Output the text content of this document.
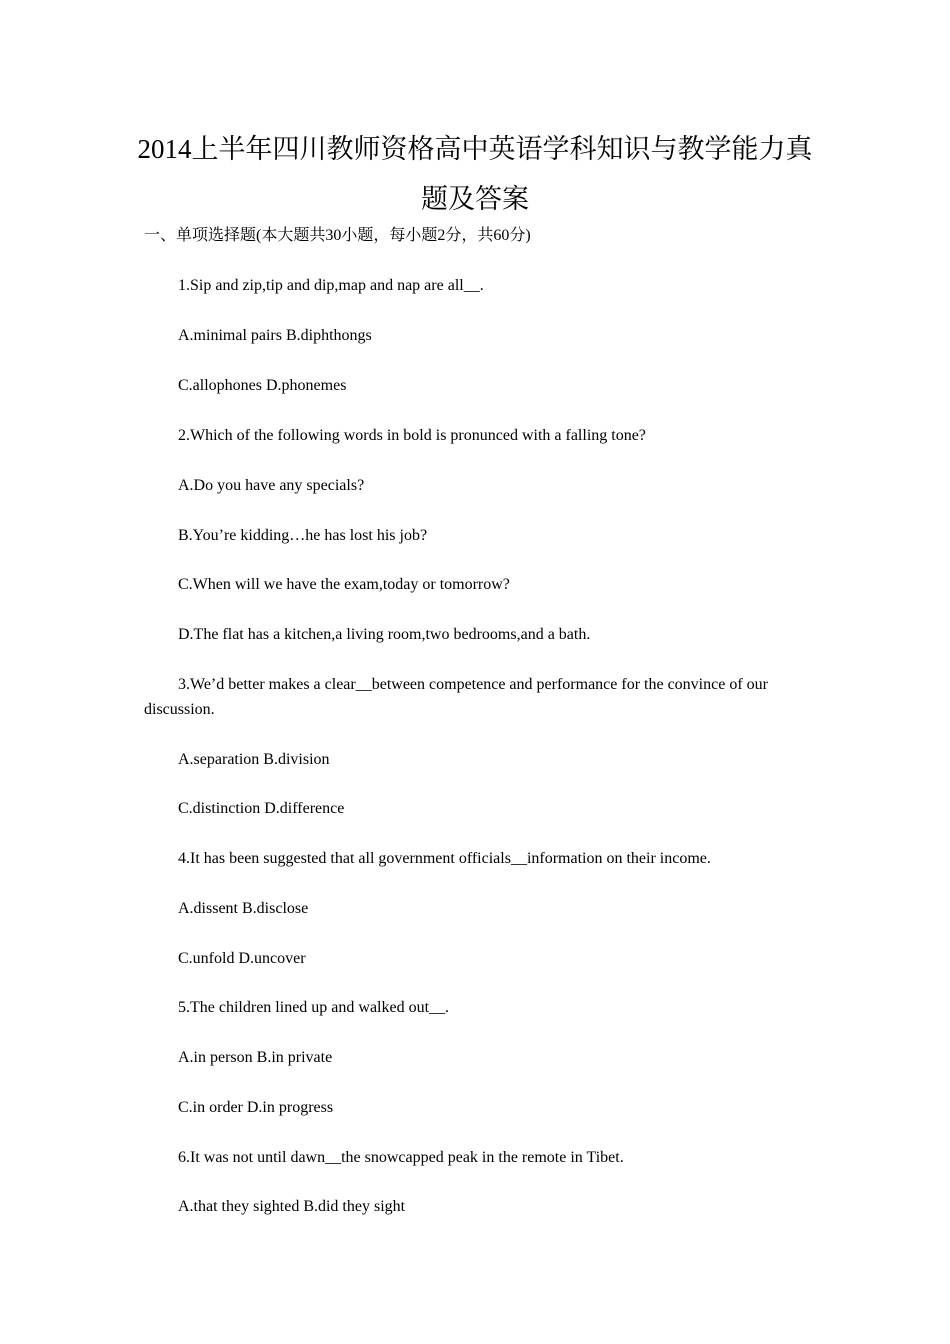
2014上半年四川教师资格高中英语学科知识与教学能力真
题及答案
一、单项选择题(本大题共30小题，每小题2分，共60分)
1.Sip and zip,tip and dip,map and nap are all__.
A.minimal pairs B.diphthongs
C.allophones D.phonemes
2.Which of the following words in bold is pronunced with a falling tone?
A.Do you have any specials?
B.You’re kidding…he has lost his job?
C.When will we have the exam,today or tomorrow?
D.The flat has a kitchen,a living room,two bedrooms,and a bath.
3.We’d better makes a clear__between competence and performance for the convince of our discussion.
A.separation B.division
C.distinction D.difference
4.It has been suggested that all government officials__information on their income.
A.dissent B.disclose
C.unfold D.uncover
5.The children lined up and walked out__.
A.in person B.in private
C.in order D.in progress
6.It was not until dawn__the snowcapped peak in the remote in Tibet.
A.that they sighted B.did they sight
